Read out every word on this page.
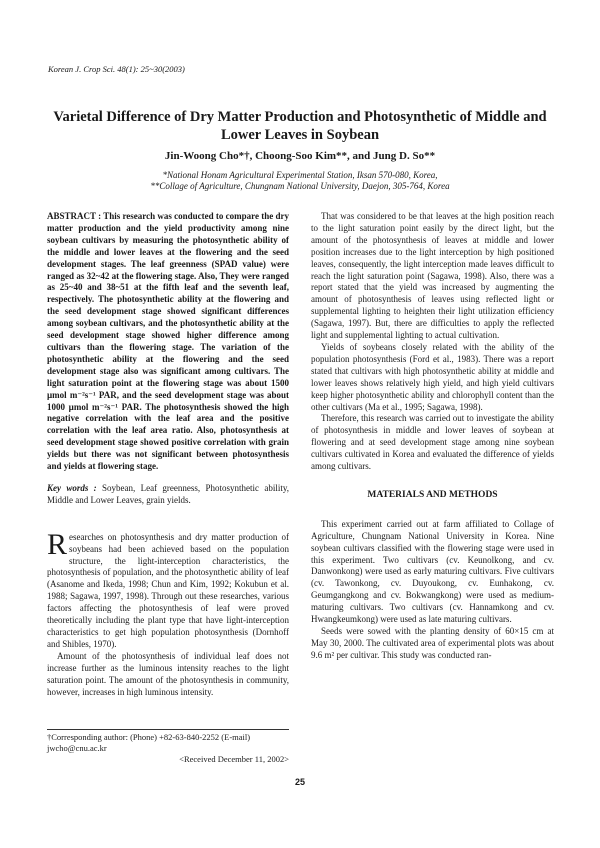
Korean J. Crop Sci. 48(1): 25~30(2003)
Varietal Difference of Dry Matter Production and Photosynthetic of Middle and Lower Leaves in Soybean
Jin-Woong Cho*†, Choong-Soo Kim**, and Jung D. So**
*National Honam Agricultural Experimental Station, Iksan 570-080, Korea,
**Collage of Agriculture, Chungnam National University, Daejon, 305-764, Korea

ABSTRACT : This research was conducted to compare the dry matter production and the yield productivity among nine soybean cultivars by measuring the photosynthetic ability of the middle and lower leaves at the flowering and the seed development stages. The leaf greenness (SPAD value) were ranged as 32~42 at the flowering stage. Also, They were ranged as 25~40 and 38~51 at the fifth leaf and the seventh leaf, respectively. The photosynthetic ability at the flowering and the seed development stage showed significant differences among soybean cultivars, and the photosynthetic ability at the seed development stage showed higher difference among cultivars than the flowering stage. The variation of the photosynthetic ability at the flowering and the seed development stage also was significant among cultivars. The light saturation point at the flowering stage was about 1500 µmol m⁻²s⁻¹ PAR, and the seed development stage was about 1000 µmol m⁻²s⁻¹ PAR. The photosynthesis showed the high negative correlation with the leaf area and the positive correlation with the leaf area ratio. Also, photosynthesis at seed development stage showed positive correlation with grain yields but there was not significant between photosynthesis and yields at flowering stage.

Key words : Soybean, Leaf greenness, Photosynthetic ability, Middle and Lower Leaves, grain yields.

R esearches on photosynthesis and dry matter production of soybeans had been achieved based on the population structure, the light-interception characteristics, the photosynthesis of population, and the photosynthetic ability of leaf (Asanome and Ikeda, 1998; Chun and Kim, 1992; Kokubun et al. 1988; Sagawa, 1997, 1998). Through out these researches, various factors affecting the photosynthesis of leaf were proved theoretically including the plant type that have light-interception characteristics to get high population photosynthesis (Dornhoff and Shibles, 1970).

Amount of the photosynthesis of individual leaf does not increase further as the luminous intensity reaches to the light saturation point. The amount of the photosynthesis in community, however, increases in high luminous intensity.

That was considered to be that leaves at the high position reach to the light saturation point easily by the direct light, but the amount of the photosynthesis of leaves at middle and lower position increases due to the light interception by high positioned leaves, consequently, the light interception made leaves difficult to reach the light saturation point (Sagawa, 1998). Also, there was a report stated that the yield was increased by augmenting the amount of photosynthesis of leaves using reflected light or supplemental lighting to heighten their light utilization efficiency (Sagawa, 1997). But, there are difficulties to apply the reflected light and supplemental lighting to actual cultivation.

Yields of soybeans closely related with the ability of the population photosynthesis (Ford et al., 1983). There was a report stated that cultivars with high photosynthetic ability at middle and lower leaves shows relatively high yield, and high yield cultivars keep higher photosynthetic ability and chlorophyll content than the other cultivars (Ma et al., 1995; Sagawa, 1998).

Therefore, this research was carried out to investigate the ability of photosynthesis in middle and lower leaves of soybean at flowering and at seed development stage among nine soybean cultivars cultivated in Korea and evaluated the difference of yields among cultivars.

MATERIALS AND METHODS

This experiment carried out at farm affiliated to Collage of Agriculture, Chungnam National University in Korea. Nine soybean cultivars classified with the flowering stage were used in this experiment. Two cultivars (cv. Keunolkong, and cv. Danwonkong) were used as early maturing cultivars. Five cultivars (cv. Tawonkong, cv. Duyoukong, cv. Eunhakong, cv. Geumgangkong and cv. Bokwangkong) were used as medium-maturing cultivars. Two cultivars (cv. Hannamkong and cv. Hwangkeumkong) were used as late maturing cultivars.

Seeds were sowed with the planting density of 60×15 cm at May 30, 2000. The cultivated area of experimental plots was about 9.6 m² per cultivar. This study was conducted ran-

†Corresponding author: (Phone) +82-63-840-2252 (E-mail) jwcho@cnu.ac.kr
<Received December 11, 2002>
25
